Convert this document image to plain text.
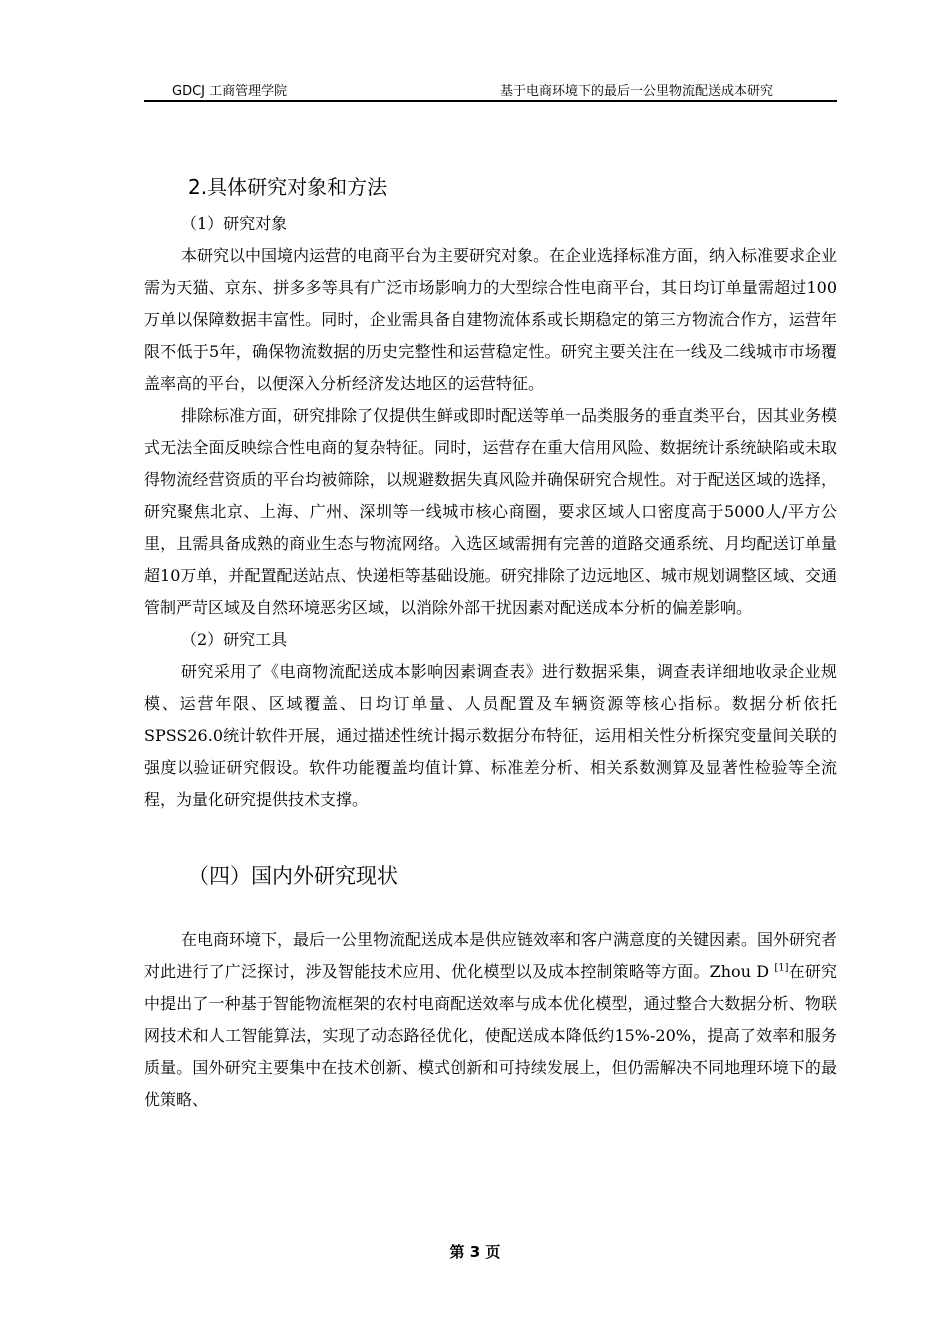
GDCJ 工商管理学院	基于电商环境下的最后一公里物流配送成本研究
2.具体研究对象和方法
（1）研究对象

本研究以中国境内运营的电商平台为主要研究对象。在企业选择标准方面，纳入标准要求企业需为天猫、京东、拼多多等具有广泛市场影响力的大型综合性电商平台，其日均订单量需超过100万单以保障数据丰富性。同时，企业需具备自建物流体系或长期稳定的第三方物流合作方，运营年限不低于5年，确保物流数据的历史完整性和运营稳定性。研究主要关注在一线及二线城市市场覆盖率高的平台，以便深入分析经济发达地区的运营特征。

排除标准方面，研究排除了仅提供生鲜或即时配送等单一品类服务的垂直类平台，因其业务模式无法全面反映综合性电商的复杂特征。同时，运营存在重大信用风险、数据统计系统缺陷或未取得物流经营资质的平台均被筛除，以规避数据失真风险并确保研究合规性。对于配送区域的选择，研究聚焦北京、上海、广州、深圳等一线城市核心商圈，要求区域人口密度高于5000人/平方公里，且需具备成熟的商业生态与物流网络。入选区域需拥有完善的道路交通系统、月均配送订单量超10万单，并配置配送站点、快递柜等基础设施。研究排除了边远地区、城市规划调整区域、交通管制严苛区域及自然环境恶劣区域，以消除外部干扰因素对配送成本分析的偏差影响。

（2）研究工具

研究采用了《电商物流配送成本影响因素调查表》进行数据采集，调查表详细地收录企业规模、运营年限、区域覆盖、日均订单量、人员配置及车辆资源等核心指标。数据分析依托SPSS26.0统计软件开展，通过描述性统计揭示数据分布特征，运用相关性分析探究变量间关联的强度以验证研究假设。软件功能覆盖均值计算、标准差分析、相关系数测算及显著性检验等全流程，为量化研究提供技术支撑。

（四）国内外研究现状

在电商环境下，最后一公里物流配送成本是供应链效率和客户满意度的关键因素。国外研究者对此进行了广泛探讨，涉及智能技术应用、优化模型以及成本控制策略等方面。Zhou D [1]在研究中提出了一种基于智能物流框架的农村电商配送效率与成本优化模型，通过整合大数据分析、物联网技术和人工智能算法，实现了动态路径优化，使配送成本降低约15%-20%，提高了效率和服务质量。国外研究主要集中在技术创新、模式创新和可持续发展上，但仍需解决不同地理环境下的最优策略、

第 3 页
